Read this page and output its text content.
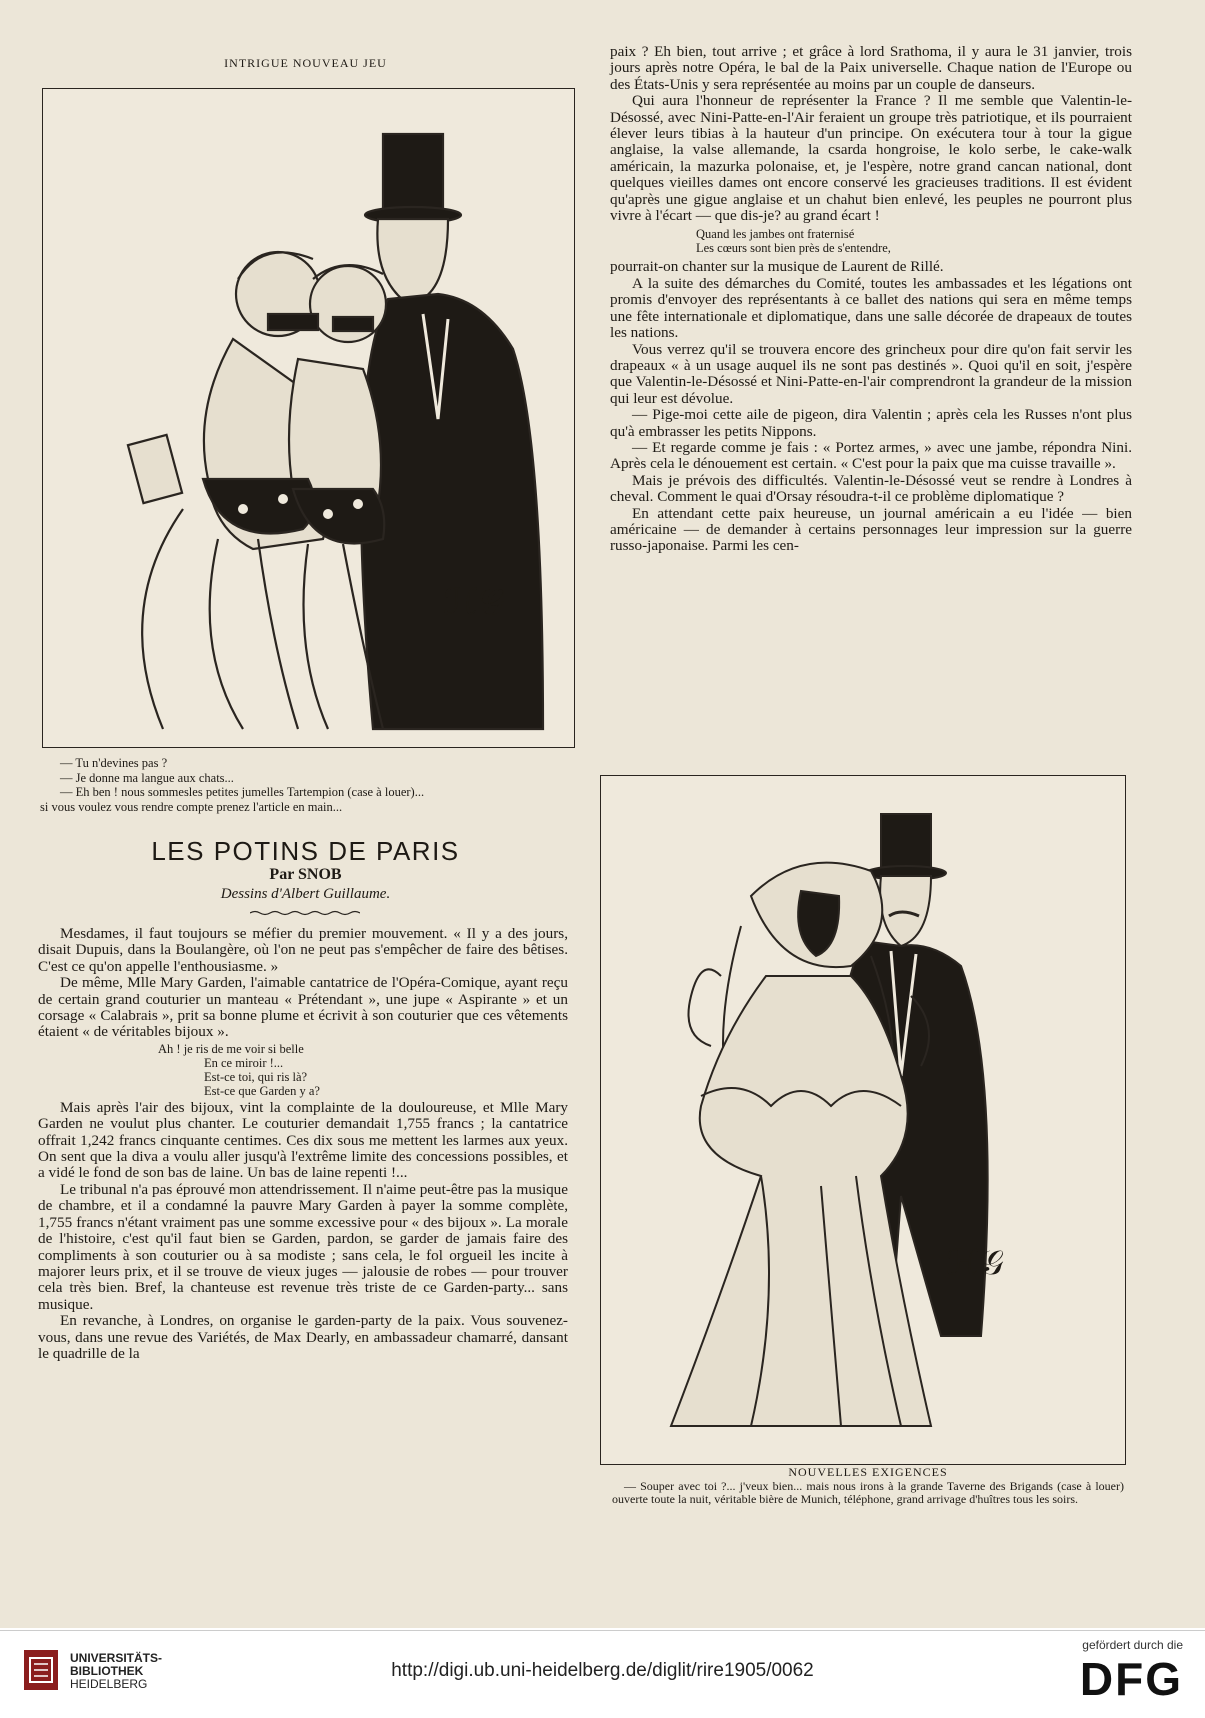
INTRIGUE NOUVEAU JEU
ℋ𝒢
— Tu n'devines pas ?
— Je donne ma langue aux chats...
— Eh ben ! nous sommesles petites jumelles Tartempion (case à louer)...
si vous voulez vous rendre compte prenez l'article en main...
LES POTINS DE PARIS
Par SNOB
Dessins d'Albert Guillaume.

Mesdames, il faut toujours se méfier du premier mouvement. « Il y a des jours, disait Dupuis, dans la Boulangère, où l'on ne peut pas s'empêcher de faire des bêtises. C'est ce qu'on appelle l'enthousiasme. »

De même, Mlle Mary Garden, l'aimable cantatrice de l'Opéra-Comique, ayant reçu de certain grand couturier un manteau « Prétendant », une jupe « Aspirante » et un corsage « Calabrais », prit sa bonne plume et écrivit à son couturier que ces vêtements étaient « de véritables bijoux ».

Ah ! je ris de me voir si belle
En ce miroir !...
Est-ce toi, qui ris là?
Est-ce que Garden y a?

Mais après l'air des bijoux, vint la complainte de la douloureuse, et Mlle Mary Garden ne voulut plus chanter. Le couturier demandait 1,755 francs ; la cantatrice offrait 1,242 francs cinquante centimes. Ces dix sous me mettent les larmes aux yeux. On sent que la diva a voulu aller jusqu'à l'extrême limite des concessions possibles, et a vidé le fond de son bas de laine. Un bas de laine repenti !...

Le tribunal n'a pas éprouvé mon attendrissement. Il n'aime peut-être pas la musique de chambre, et il a condamné la pauvre Mary Garden à payer la somme complète, 1,755 francs n'étant vraiment pas une somme excessive pour « des bijoux ». La morale de l'histoire, c'est qu'il faut bien se Garden, pardon, se garder de jamais faire des compliments à son couturier ou à sa modiste ; sans cela, le fol orgueil les incite à majorer leurs prix, et il se trouve de vieux juges — jalousie de robes — pour trouver cela très bien. Bref, la chanteuse est revenue très triste de ce Garden-party... sans musique.

En revanche, à Londres, on organise le garden-party de la paix. Vous souvenez-vous, dans une revue des Variétés, de Max Dearly, en ambassadeur chamarré, dansant le quadrille de la

paix ? Eh bien, tout arrive ; et grâce à lord Srathoma, il y aura le 31 janvier, trois jours après notre Opéra, le bal de la Paix universelle. Chaque nation de l'Europe ou des États-Unis y sera représentée au moins par un couple de danseurs.

Qui aura l'honneur de représenter la France ? Il me semble que Valentin-le-Désossé, avec Nini-Patte-en-l'Air feraient un groupe très patriotique, et ils pourraient élever leurs tibias à la hauteur d'un principe. On exécutera tour à tour la gigue anglaise, la valse allemande, la csarda hongroise, le kolo serbe, le cake-walk américain, la mazurka polonaise, et, je l'espère, notre grand cancan national, dont quelques vieilles dames ont encore conservé les gracieuses traditions. Il est évident qu'après une gigue anglaise et un chahut bien enlevé, les peuples ne pourront plus vivre à l'écart — que dis-je? au grand écart !

Quand les jambes ont fraternisé
Les cœurs sont bien près de s'entendre,

pourrait-on chanter sur la musique de Laurent de Rillé.

A la suite des démarches du Comité, toutes les ambassades et les légations ont promis d'envoyer des représentants à ce ballet des nations qui sera en même temps une fête internationale et diplomatique, dans une salle décorée de drapeaux de toutes les nations.

Vous verrez qu'il se trouvera encore des grincheux pour dire qu'on fait servir les drapeaux « à un usage auquel ils ne sont pas destinés ». Quoi qu'il en soit, j'espère que Valentin-le-Désossé et Nini-Patte-en-l'air comprendront la grandeur de la mission qui leur est dévolue.

— Pige-moi cette aile de pigeon, dira Valentin ; après cela les Russes n'ont plus qu'à embrasser les petits Nippons.

— Et regarde comme je fais : « Portez armes, » avec une jambe, répondra Nini. Après cela le dénouement est certain. « C'est pour la paix que ma cuisse travaille ».

Mais je prévois des difficultés. Valentin-le-Désossé veut se rendre à Londres à cheval. Comment le quai d'Orsay résoudra-t-il ce problème diplomatique ?

En attendant cette paix heureuse, un journal américain a eu l'idée — bien américaine — de demander à certains personnages leur impression sur la guerre russo-japonaise. Parmi les cen-

ℋ𝒢
NOUVELLES EXIGENCES
— Souper avec toi ?... j'veux bien... mais nous irons à la grande Taverne des Brigands (case à louer) ouverte toute la nuit, véritable bière de Munich, téléphone, grand arrivage d'huîtres tous les soirs.
UNIVERSITÄTS-
BIBLIOTHEK
HEIDELBERG
http://digi.ub.uni-heidelberg.de/diglit/rire1905/0062
gefördert durch die
DFG
